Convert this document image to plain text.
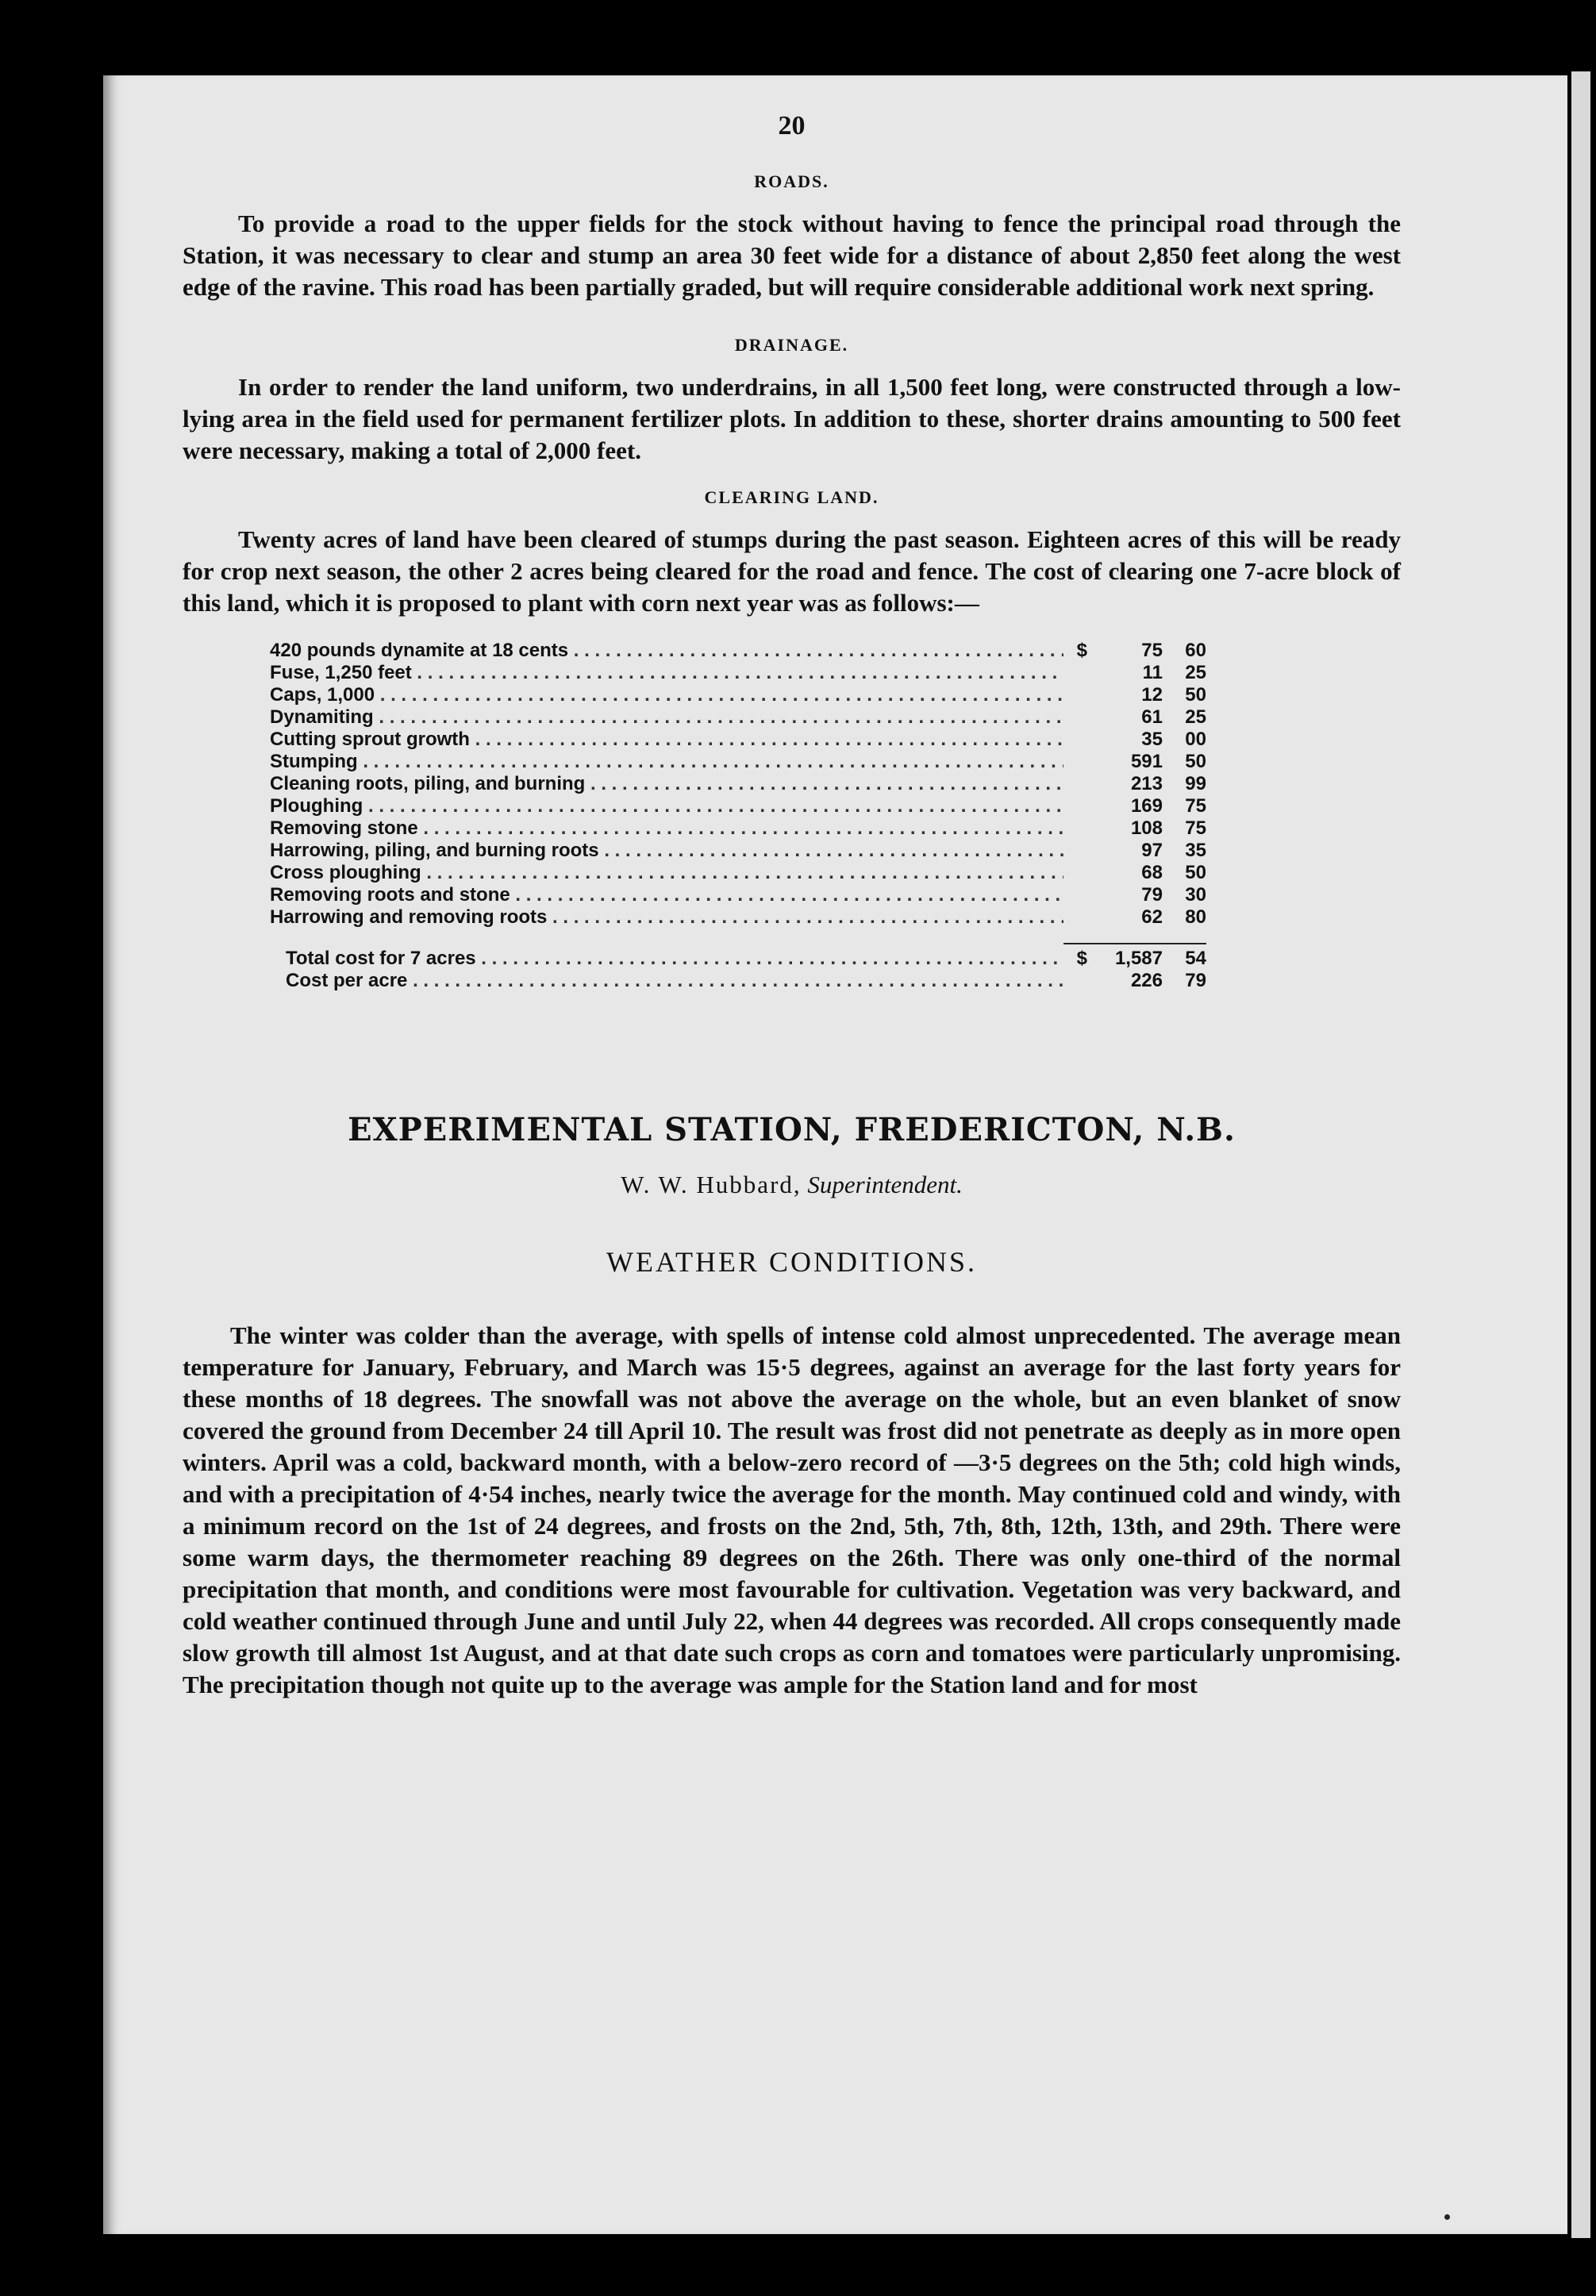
20
ROADS.

To provide a road to the upper fields for the stock without having to fence the principal road through the Station, it was necessary to clear and stump an area 30 feet wide for a distance of about 2,850 feet along the west edge of the ravine. This road has been partially graded, but will require considerable additional work next spring.

DRAINAGE.

In order to render the land uniform, two underdrains, in all 1,500 feet long, were constructed through a low-lying area in the field used for permanent fertilizer plots. In addition to these, shorter drains amounting to 500 feet were necessary, making a total of 2,000 feet.

CLEARING LAND.

Twenty acres of land have been cleared of stumps during the past season. Eighteen acres of this will be ready for crop next season, the other 2 acres being cleared for the road and fence. The cost of clearing one 7-acre block of this land, which it is proposed to plant with corn next year was as follows:—

420 pounds dynamite at 18 cents . . .	$	75	60
Fuse, 1,250 feet . . .	11	25
Caps, 1,000 . . .	12	50
Dynamiting . . .	61	25
Cutting sprout growth . . .	35	00
Stumping . . .	591	50
Cleaning roots, piling, and burning . . .	213	99
Ploughing . . .	169	75
Removing stone . . .	108	75
Harrowing, piling, and burning roots . . .	97	35
Cross ploughing . . .	68	50
Removing roots and stone . . .	79	30
Harrowing and removing roots . . .	62	80
Total cost for 7 acres . . .	$	1,587	54
Cost per acre . . .	226	79
EXPERIMENTAL STATION, FREDERICTON, N.B.
W. W. Hubbard, Superintendent.
WEATHER CONDITIONS.

The winter was colder than the average, with spells of intense cold almost unprecedented. The average mean temperature for January, February, and March was 15·5 degrees, against an average for the last forty years for these months of 18 degrees. The snowfall was not above the average on the whole, but an even blanket of snow covered the ground from December 24 till April 10. The result was frost did not penetrate as deeply as in more open winters. April was a cold, backward month, with a below-zero record of —3·5 degrees on the 5th; cold high winds, and with a precipitation of 4·54 inches, nearly twice the average for the month. May continued cold and windy, with a minimum record on the 1st of 24 degrees, and frosts on the 2nd, 5th, 7th, 8th, 12th, 13th, and 29th. There were some warm days, the thermometer reaching 89 degrees on the 26th. There was only one-third of the normal precipitation that month, and conditions were most favourable for cultivation. Vegetation was very backward, and cold weather continued through June and until July 22, when 44 degrees was recorded. All crops consequently made slow growth till almost 1st August, and at that date such crops as corn and tomatoes were particularly unpromising. The precipitation though not quite up to the average was ample for the Station land and for most
